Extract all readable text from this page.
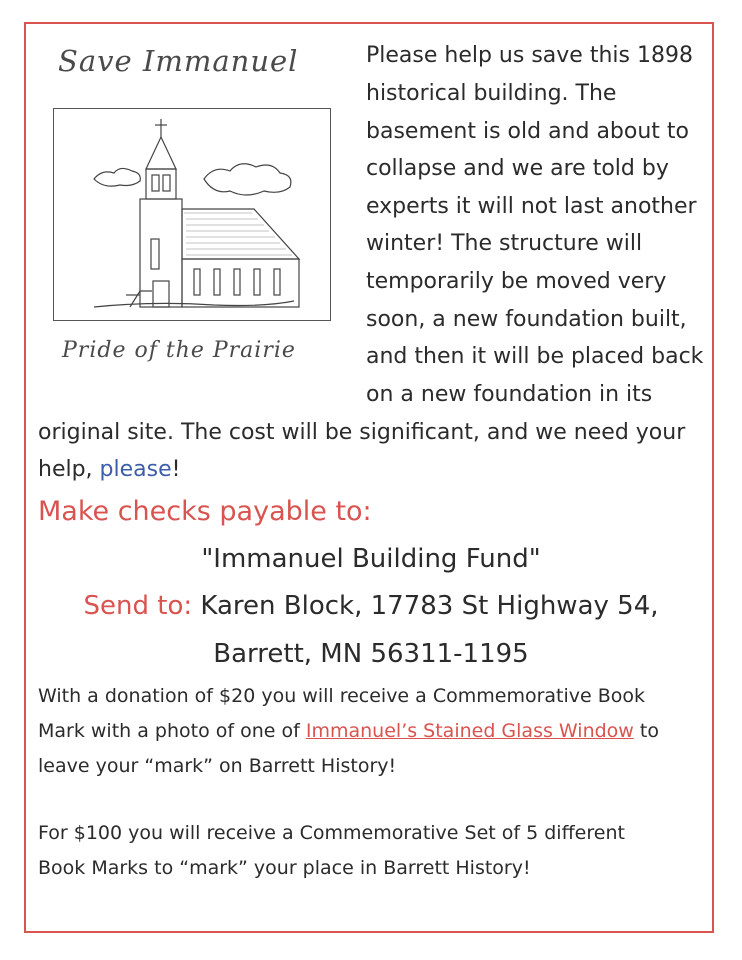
Save Immanuel
Pride of the Prairie
Please help us save this 1898
historical building. The
basement is old and about to
collapse and we are told by
experts it will not last another
winter! The structure will
temporarily be moved very
soon, a new foundation built,
and then it will be placed back
on a new foundation in its
original site. The cost will be significant, and we need your
help, please!
Make checks payable to:
"Immanuel Building Fund"
Send to: Karen Block, 17783 St Highway 54,
Barrett, MN 56311-1195
With a donation of $20 you will receive a Commemorative Book
Mark with a photo of one of Immanuel’s Stained Glass Window to
leave your “mark” on Barrett History!
For $100 you will receive a Commemorative Set of 5 different
Book Marks to “mark” your place in Barrett History!
